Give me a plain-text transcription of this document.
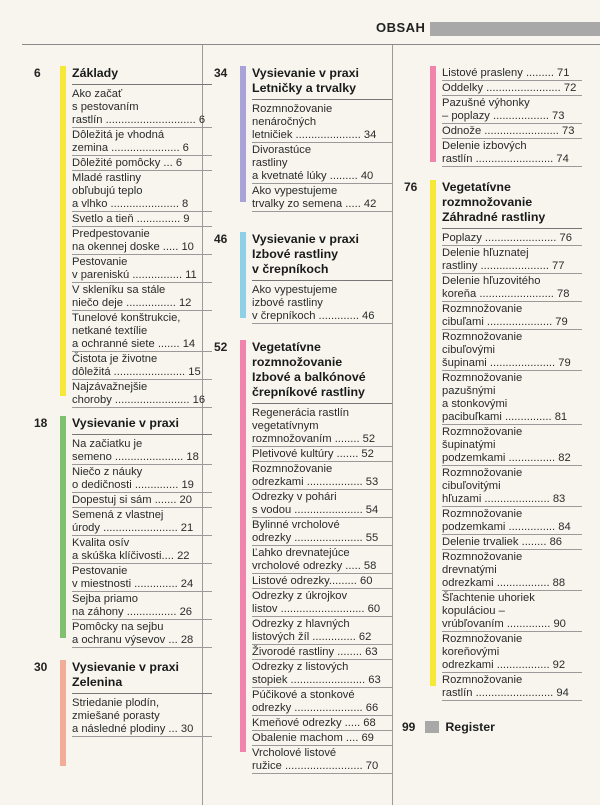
OBSAH
6	Základy
Ako začať
s pestovaním
rastlín ............................. 6
Dôležitá je vhodná
zemina ...................... 6
Dôležité pomôcky ... 6
Mladé rastliny
obľubujú teplo
a vlhko ...................... 8
Svetlo a tieň .............. 9
Predpestovanie
na okennej doske ..... 10
Pestovanie
v pareniskú ................ 11
V skleníku sa stále
niečo deje ................ 12
Tunelové konštrukcie,
netkané textílie
a ochranné siete ....... 14
Čistota je životne
dôležitá ....................... 15
Najzávažnejšie
choroby ........................ 16
18 Vysievanie v praxi
Na začiatku je
semeno ...................... 18
Niečo z náuky
o dedičnosti .............. 19
Dopestuj si sám ....... 20
Semená z vlastnej
úrody ........................ 21
Kvalita osív
a skúška klíčivosti.... 22
Pestovanie
v miestnosti .............. 24
Sejba priamo
na záhony ................ 26
Pomôcky na sejbu
a ochranu výsevov ... 28
30 Vysievanie v praxi
Zelenina
Striedanie plodín,
zmiešané porasty
a následné plodiny ... 30
34 Vysievanie v praxi
Letničky a trvalky
Rozmnožovanie
nenáročných
letničiek ..................... 34
Divorastúce
rastliny
a kvetnaté lúky ......... 40
Ako vypestujeme
trvalky zo semena ..... 42
46 Vysievanie v praxi
Izbové rastliny
v črepníkoch
Ako vypestujeme
izbové rastliny
v črepníkoch ............. 46
52 Vegetatívne
rozmnožovanie
Izbové a balkónové
črepníkové rastliny
Regenerácia rastlín
vegetatívnym
rozmnožovaním ........ 52
Pletivové kultúry ....... 52
Rozmnožovanie
odrezkami .................. 53
Odrezky v pohári
s vodou ...................... 54
Bylinné vrcholové
odrezky ...................... 55
Ľahko drevnatejúce
vrcholové odrezky ..... 58
Listové odrezky......... 60
Odrezky z úkrojkov
listov ........................... 60
Odrezky z hlavných
listových žíl .............. 62
Živorodé rastliny ........ 63
Odrezky z listových
stopiek ........................ 63
Púčikové a stonkové
odrezky ...................... 66
Kmeňové odrezky ..... 68
Obalenie machom .... 69
Vrcholové listové
ružice ......................... 70
Listové prasleny ......... 71
Oddelky ........................ 72
Pazušné výhonky
– poplazy .................. 73
Odnože ........................ 73
Delenie izbových
rastlín ......................... 74
76 Vegetatívne
rozmnožovanie
Záhradné rastliny
Poplazy ....................... 76
Delenie hľuznatej
rastliny ...................... 77
Delenie hľuzovitého
koreňa ........................ 78
Rozmnožovanie
cibuľami ..................... 79
Rozmnožovanie
cibuľovými
šupinami ..................... 79
Rozmnožovanie
pazušnými
a stonkovými
pacibuľkami ............... 81
Rozmnožovanie
šupinatými
podzemkami ............... 82
Rozmnožovanie
cibuľovitými
hľuzami ..................... 83
Rozmnožovanie
podzemkami ............... 84
Delenie trvaliek ........ 86
Rozmnožovanie
drevnatými
odrezkami ................. 88
Šľachtenie uhoriek
kopuláciou –
vrúbľovaním .............. 90
Rozmnožovanie
koreňovými
odrezkami ................. 92
Rozmnožovanie
rastlín ......................... 94
99 Register
